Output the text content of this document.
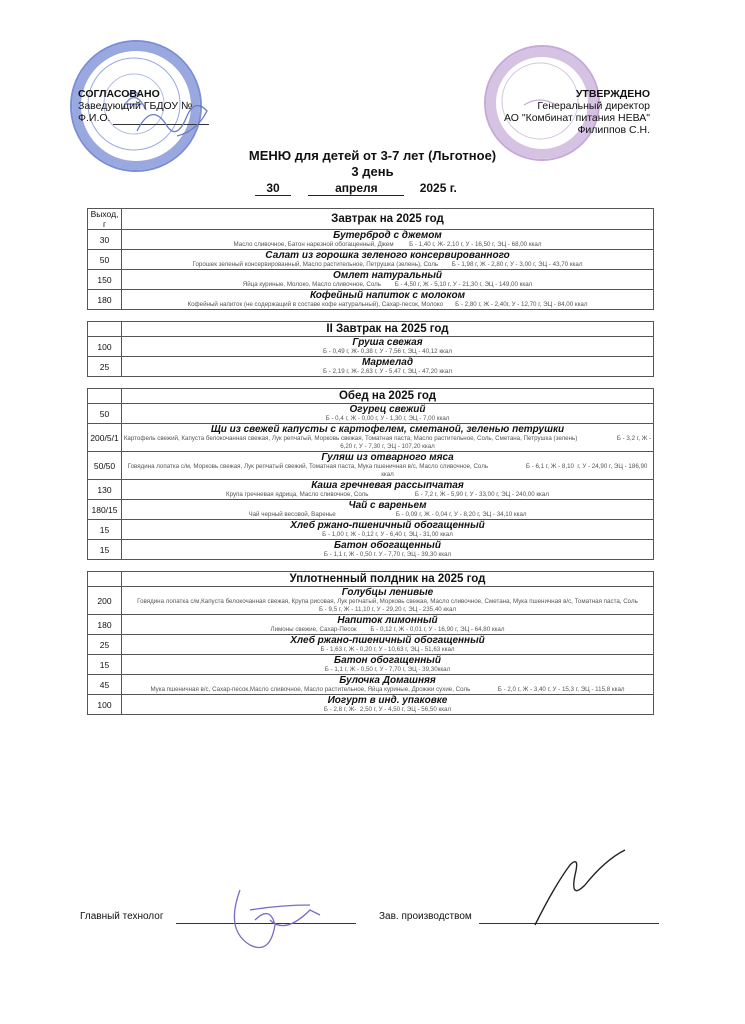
СОГЛАСОВАНО
Заведующий ГБДОУ №
Ф.И.О.
УТВЕРЖДЕНО
Генеральный директор
АО "Комбинат питания НЕВА"
Филиппов С.Н.
МЕНЮ для детей от 3-7 лет (Льготное)
3 день
30	апреля	2025 г.
Выход, г	Завтрак на 2025 год

30	Бутерброд с джемом
Масло сливочное, Батон нарезной обогащенный, Джем         Б - 1,40 г, Ж- 2,10 г, У - 16,50 г, ЭЦ - 68,00 ккал

50	Салат из горошка зеленого консервированного
Горошек зеленый консервированный, Масло растительное, Петрушка (зелень), Соль        Б - 1,98 г, Ж - 2,80 г, У - 3,00 г, ЭЦ - 43,70 ккал

150	Омлет натуральный
Яйца куриные, Молоко, Масло сливочное, Соль        Б - 4,50 г, Ж - 5,10 г, У - 21,30 г, ЭЦ - 149,00 ккал

180	Кофейный напиток с молоком
Кофейный напиток (не содержащий в составе кофе натуральный), Сахар-песок, Молоко       Б - 2,80 г, Ж - 2,40г, У - 12,70 г, ЭЦ - 84,00 ккал

	II Завтрак на 2025 год

100	Груша свежая
Б - 0,49 г, Ж- 0,38 г, У - 7,56 г, ЭЦ - 40,12 ккал

25	Мармелад
Б - 2,19 г, Ж- 2,63 г, У - 5,47 г, ЭЦ - 47,20 ккал

	Обед на 2025 год

50	Огурец свежий
Б - 0,4 г, Ж - 0,00 г, У - 1,30 г, ЭЦ - 7,00 ккал

200/5/1	Щи из свежей капусты с картофелем, сметаной, зеленью петрушки
Картофель свежий, Капуста белокочанная свежая, Лук репчатый, Морковь свежая, Томатная паста, Масло растительное, Соль, Сметана, Петрушка (зелень)                       Б - 3,2 г, Ж - 6,20 г, У - 7,30 г, ЭЦ - 107,20 ккал

50/50	Гуляш из отварного мяса
Говядина лопатка с/м, Морковь свежая, Лук репчатый свежий, Томатная паста, Мука пшеничная в/с, Масло сливочное, Соль                      Б - 6,1 г, Ж - 8,10  г, У - 24,90 г, ЭЦ - 186,90 ккал

130	Каша гречневая рассыпчатая
Крупа гречневая ядрица, Масло сливочное, Соль                           Б - 7,2 г, Ж - 5,90 г, У - 33,00 г, ЭЦ - 240,00 ккал

180/15	Чай с вареньем
Чай черный весовой, Варенье                                   Б - 0,09 г, Ж - 0,04 г, У - 8,20 г, ЭЦ - 34,10 ккал

15	Хлеб ржано-пшеничный обогащенный
Б - 1,00 г, Ж - 0,12 г, У - 6,40 г, ЭЦ - 31,00 ккал

15	Батон обогащенный
Б - 1,1 г, Ж - 0,50 г. У - 7,70 г, ЭЦ - 39,30 ккал

	Уплотненный полдник на 2025 год

200	Голубцы ленивые
Говядина лопатка с/м,Капуста белокочанная свежая, Крупа рисовая, Лук репчатый, Морковь свежая, Масло сливочное, Сметана, Мука пшеничная в/с, Томатная паста, Соль                                          Б - 9,5 г, Ж - 11,10 г, У - 29,20 г, ЭЦ - 235,40 ккал

180	Напиток лимонный
Лимоны свежие, Сахар-Песок        Б - 0,12 г, Ж - 0,01 г, У - 16,90 г, ЭЦ - 64,80 ккал

25	Хлеб ржано-пшеничный обогащенный
Б - 1,63 г, Ж - 0,20 г, У - 10,63 г, ЭЦ - 51,63 ккал

15	Батон обогащенный
Б - 1,1 г, Ж - 0,50 г, У - 7,70 г, ЭЦ - 39,30ккал

45	Булочка Домашняя
Мука пшеничная в/с, Сахар-песок,Масло сливочное, Масло растительное, Яйца куриные, Дрожжи сухие, Соль                Б - 2,0 г, Ж - 3,40 г, У - 15,3 г, ЭЦ - 115,8 ккал

100	Иогурт в инд. упаковке
Б - 2,8 г, Ж-  2,50 г, У - 4,50 г, ЭЦ - 56,50 ккал
Главный технолог	Зав. производством
